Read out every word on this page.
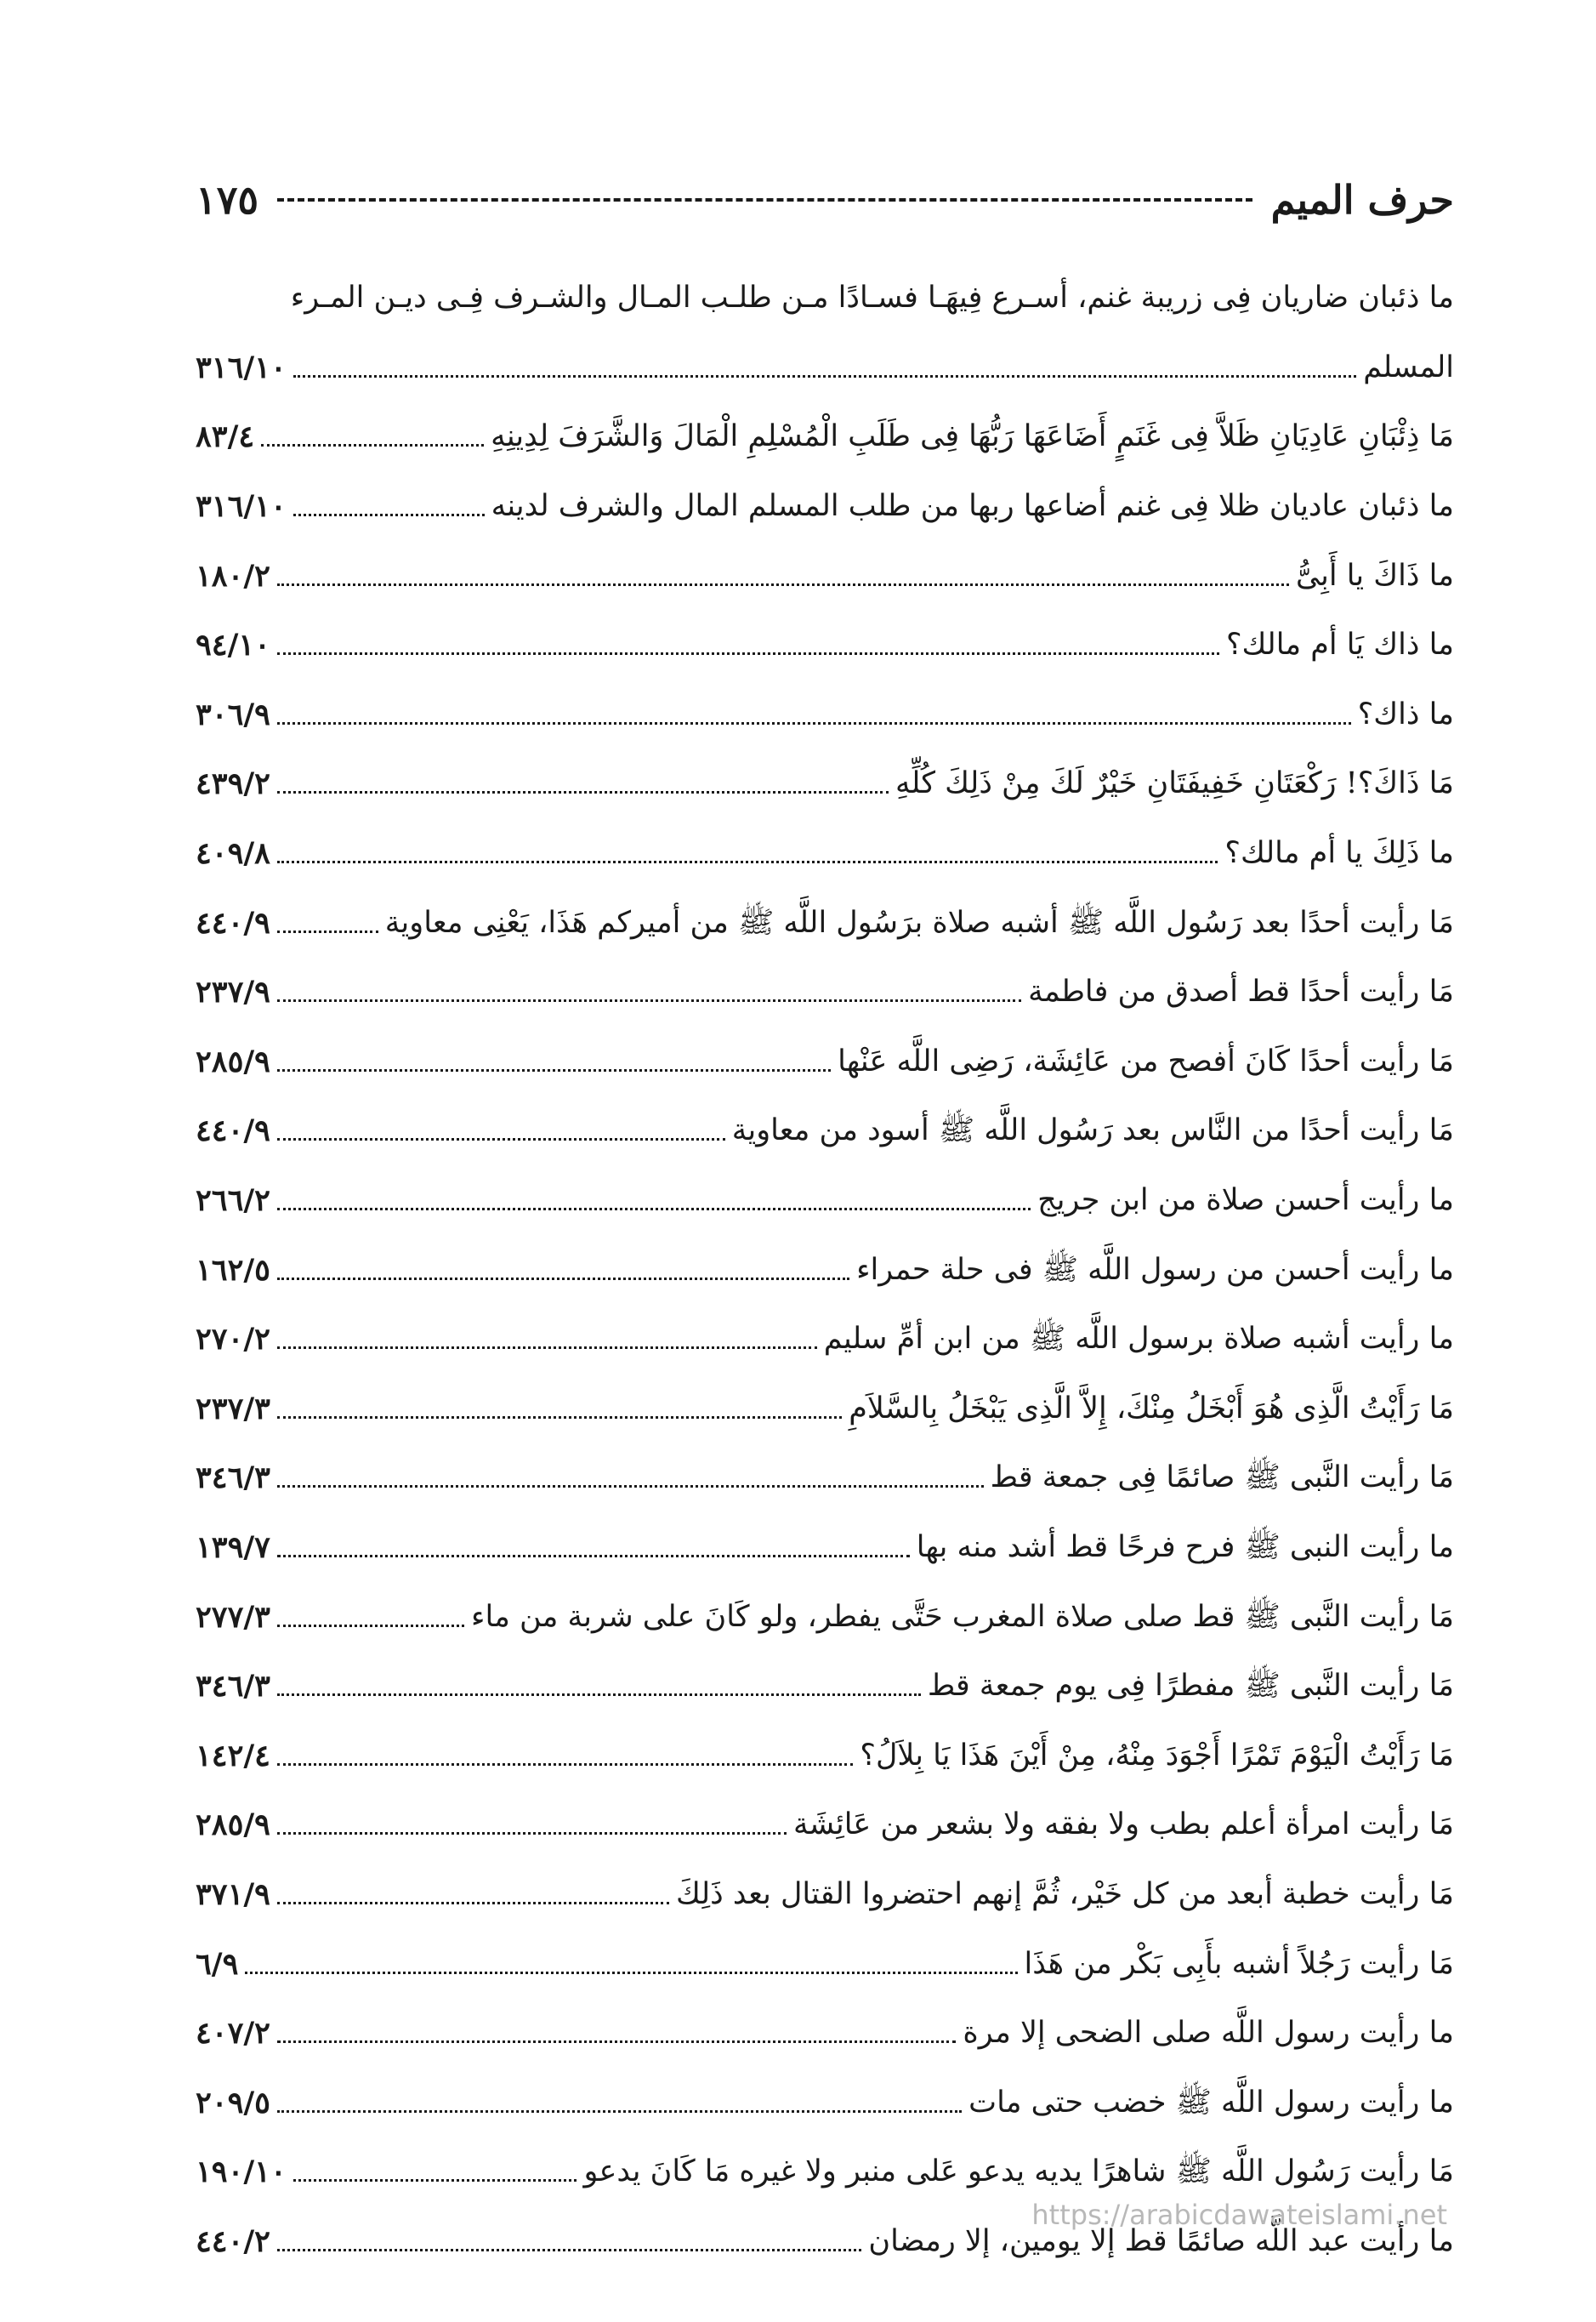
حرف الميم
١٧٥
ما ذئبان ضاريان فِى زريبة غنم، أسـرع فِيهَـا فسـادًا مـن طلـب المـال والشـرف فِـى ديـن المـرء
المسلم
٣١٦/١٠
مَا ذِئْبَانِ عَادِيَانِ ظَلاَّ فِى غَنَمٍ أَضَاعَهَا رَبُّهَا فِى طَلَبِ الْمُسْلِمِ الْمَالَ وَالشَّرَفَ لِدِينِهِ
٨٣/٤
ما ذئبان عاديان ظلا فِى غنم أضاعها ربها من طلب المسلم المال والشرف لدينه
٣١٦/١٠
ما ذَاكَ يا أَبِىُّ
١٨٠/٢
ما ذاك يَا أم مالك؟
٩٤/١٠
ما ذاك؟
٣٠٦/٩
مَا ذَاكَ؟! رَكْعَتَانِ خَفِيفَتَانِ خَيْرٌ لَكَ مِنْ ذَلِكَ كُلِّهِ
٤٣٩/٢
ما ذَلِكَ يا أم مالك؟
٤٠٩/٨
مَا رأيت أحدًا بعد رَسُول اللَّه ﷺ أشبه صلاة برَسُول اللَّه ﷺ من أميركم هَذَا، يَعْنِى معاوية
٤٤٠/٩
مَا رأيت أحدًا قط أصدق من فاطمة
٢٣٧/٩
مَا رأيت أحدًا كَانَ أفصح من عَائِشَة، رَضِى اللَّه عَنْها
٢٨٥/٩
مَا رأيت أحدًا من النَّاس بعد رَسُول اللَّه ﷺ أسود من معاوية
٤٤٠/٩
ما رأيت أحسن صلاة من ابن جريج
٢٦٦/٢
ما رأيت أحسن من رسول اللَّه ﷺ فى حلة حمراء
١٦٢/٥
ما رأيت أشبه صلاة برسول اللَّه ﷺ من ابن أمِّ سليم
٢٧٠/٢
مَا رَأَيْتُ الَّذِى هُوَ أَبْخَلُ مِنْكَ، إِلاَّ الَّذِى يَبْخَلُ بِالسَّلاَمِ
٢٣٧/٣
مَا رأيت النَّبى ﷺ صائمًا فِى جمعة قط
٣٤٦/٣
ما رأيت النبى ﷺ فرح فرحًا قط أشد منه بها
١٣٩/٧
مَا رأيت النَّبى ﷺ قط صلى صلاة المغرب حَتَّى يفطر، ولو كَانَ على شربة من ماء
٢٧٧/٣
مَا رأيت النَّبى ﷺ مفطرًا فِى يوم جمعة قط
٣٤٦/٣
مَا رَأَيْتُ الْيَوْمَ تَمْرًا أَجْوَدَ مِنْهُ، مِنْ أَيْنَ هَذَا يَا بِلاَلُ؟
١٤٢/٤
مَا رأيت امرأة أعلم بطب ولا بفقه ولا بشعر من عَائِشَة
٢٨٥/٩
مَا رأيت خطبة أبعد من كل خَيْر، ثُمَّ إنهم احتضروا القتال بعد ذَلِكَ
٣٧١/٩
مَا رأيت رَجُلاً أشبه بأَبِى بَكْر من هَذَا
٦/٩
ما رأيت رسول اللَّه صلى الضحى إلا مرة
٤٠٧/٢
ما رأيت رسول اللَّه ﷺ خضب حتى مات
٢٠٩/٥
مَا رأيت رَسُول اللَّه ﷺ شاهرًا يديه يدعو عَلى منبر ولا غيره مَا كَانَ يدعو
١٩٠/١٠
ما رأيت عبد اللَّه صائمًا قط إلا يومين، إلا رمضان
٤٤٠/٢
https://arabicdawateislami.net
